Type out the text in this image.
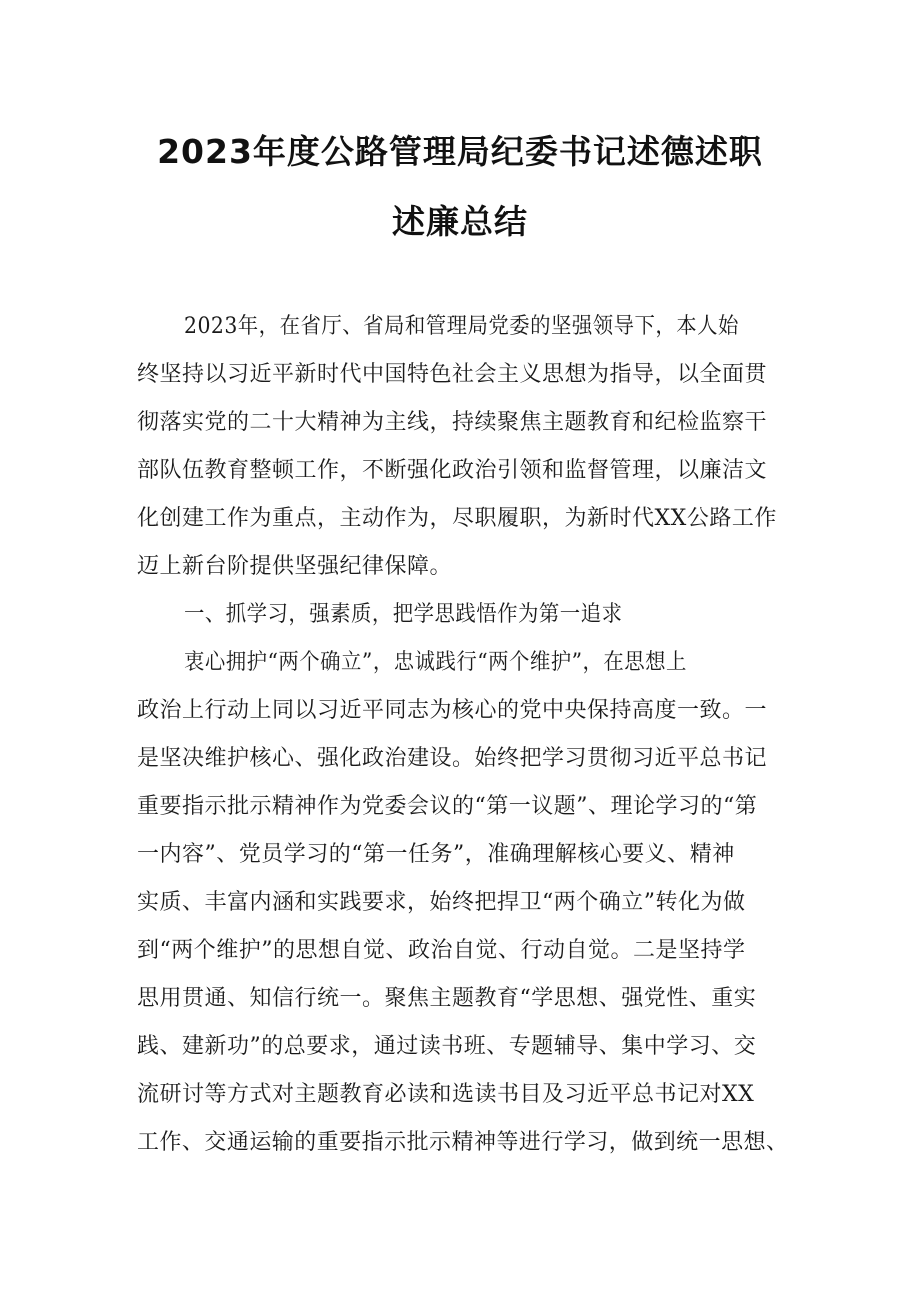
2023年度公路管理局纪委书记述德述职
述廉总结
2023年，在省厅、省局和管理局党委的坚强领导下，本人始
终坚持以习近平新时代中国特色社会主义思想为指导，以全面贯
彻落实党的二十大精神为主线，持续聚焦主题教育和纪检监察干
部队伍教育整顿工作，不断强化政治引领和监督管理，以廉洁文
化创建工作为重点，主动作为，尽职履职，为新时代XX公路工作
迈上新台阶提供坚强纪律保障。
一、抓学习，强素质，把学思践悟作为第一追求
衷心拥护“两个确立”，忠诚践行“两个维护”，在思想上
政治上行动上同以习近平同志为核心的党中央保持高度一致。一
是坚决维护核心、强化政治建设。始终把学习贯彻习近平总书记
重要指示批示精神作为党委会议的“第一议题”、理论学习的“第
一内容”、党员学习的“第一任务”，准确理解核心要义、精神
实质、丰富内涵和实践要求，始终把捍卫“两个确立”转化为做
到“两个维护”的思想自觉、政治自觉、行动自觉。二是坚持学
思用贯通、知信行统一。聚焦主题教育“学思想、强党性、重实
践、建新功”的总要求，通过读书班、专题辅导、集中学习、交
流研讨等方式对主题教育必读和选读书目及习近平总书记对XX
工作、交通运输的重要指示批示精神等进行学习，做到统一思想、
